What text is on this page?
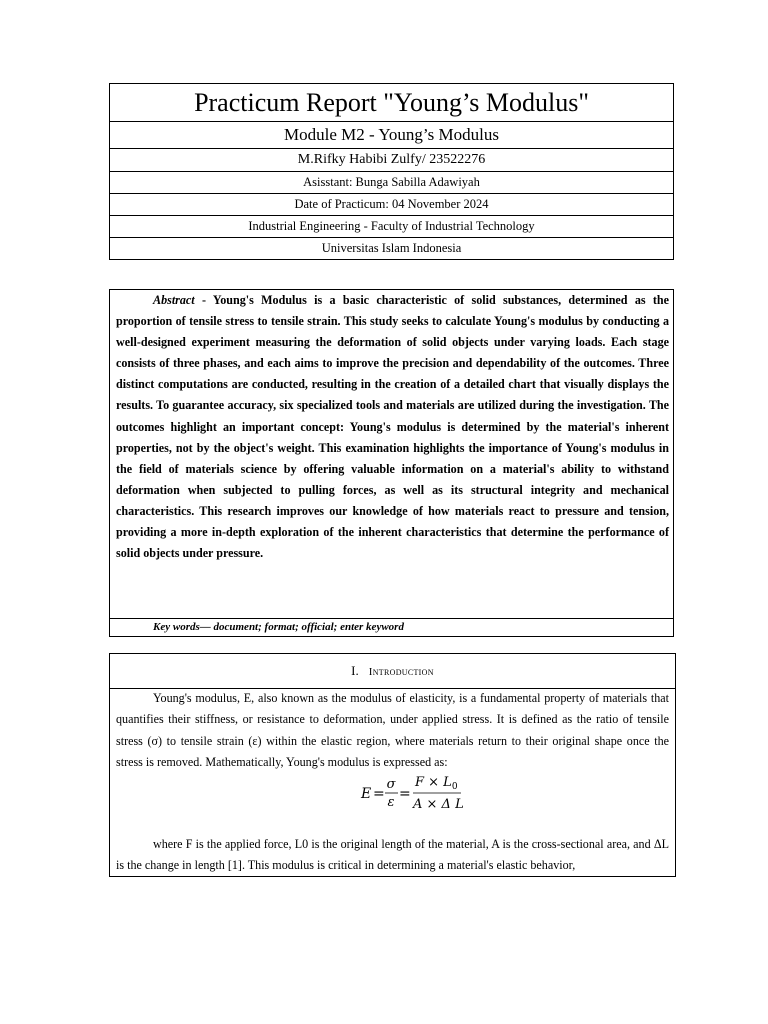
Practicum Report "Young’s Modulus"
Module M2 - Young’s Modulus
M.Rifky Habibi Zulfy/ 23522276
Asisstant: Bunga Sabilla Adawiyah
Date of Practicum: 04 November 2024
Industrial Engineering - Faculty of Industrial Technology
Universitas Islam Indonesia

Abstract - Young's Modulus is a basic characteristic of solid substances, determined as the proportion of tensile stress to tensile strain. This study seeks to calculate Young's modulus by conducting a well-designed experiment measuring the deformation of solid objects under varying loads. Each stage consists of three phases, and each aims to improve the precision and dependability of the outcomes. Three distinct computations are conducted, resulting in the creation of a detailed chart that visually displays the results. To guarantee accuracy, six specialized tools and materials are utilized during the investigation. The outcomes highlight an important concept: Young's modulus is determined by the material's inherent properties, not by the object's weight. This examination highlights the importance of Young's modulus in the field of materials science by offering valuable information on a material's ability to withstand deformation when subjected to pulling forces, as well as its structural integrity and mechanical characteristics. This research improves our knowledge of how materials react to pressure and tension, providing a more in-depth exploration of the inherent characteristics that determine the performance of solid objects under pressure.

Key words— document; format; official; enter keyword
I. Introduction

Young's modulus, E, also known as the modulus of elasticity, is a fundamental property of materials that quantifies their stiffness, or resistance to deformation, under applied stress. It is defined as the ratio of tensile stress (σ) to tensile strain (ε) within the elastic region, where materials return to their original shape once the stress is removed. Mathematically, Young's modulus is expressed as:

where F is the applied force, L0 is the original length of the material, A is the cross-sectional area, and ΔL is the change in length [1]. This modulus is critical in determining a material's elastic behavior,

E =
σ
ε
=
$F \times L_0$
A × Δ L
